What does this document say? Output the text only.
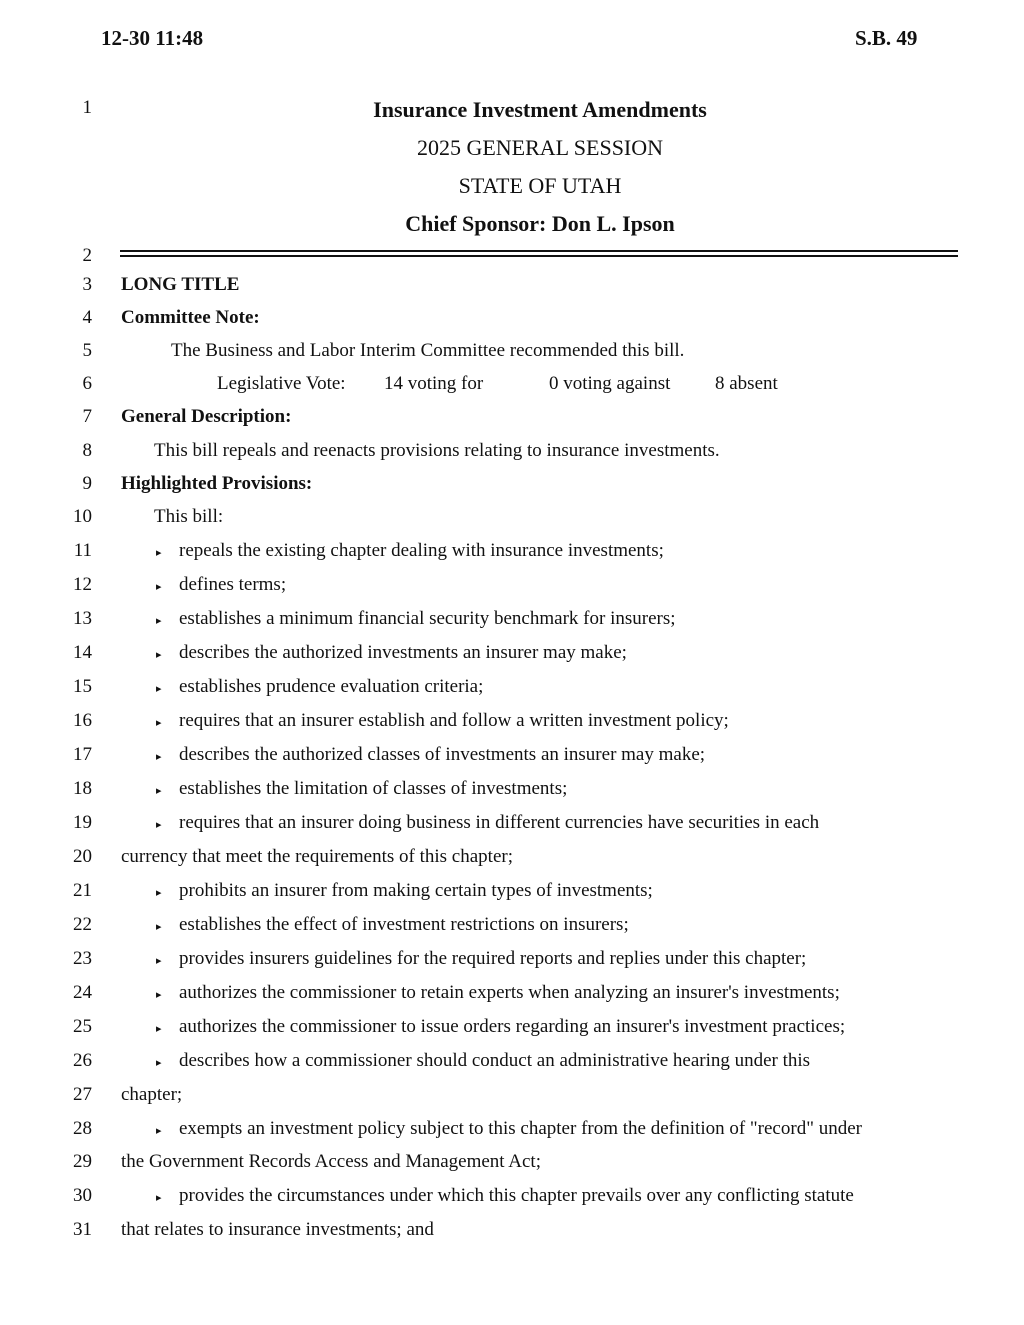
12-30 11:48	S.B. 49
Insurance Investment Amendments
2025 GENERAL SESSION
STATE OF UTAH
Chief Sponsor: Don L. Ipson
1
2
3
4
5
6
7
8
9
10
11
12
13
14
15
16
17
18
19
20
21
22
23
24
25
26
27
28
29
30
31
LONG TITLE
Committee Note:
The Business and Labor Interim Committee recommended this bill.
Legislative Vote: 14 voting for	0 voting against 8 absent
General Description:
This bill repeals and reenacts provisions relating to insurance investments.
Highlighted Provisions:
This bill:
▸ repeals the existing chapter dealing with insurance investments;
▸ defines terms;
▸ establishes a minimum financial security benchmark for insurers;
▸ describes the authorized investments an insurer may make;
▸ establishes prudence evaluation criteria;
▸ requires that an insurer establish and follow a written investment policy;
▸ describes the authorized classes of investments an insurer may make;
▸ establishes the limitation of classes of investments;
▸ requires that an insurer doing business in different currencies have securities in each
currency that meet the requirements of this chapter;
▸ prohibits an insurer from making certain types of investments;
▸ establishes the effect of investment restrictions on insurers;
▸ provides insurers guidelines for the required reports and replies under this chapter;
▸ authorizes the commissioner to retain experts when analyzing an insurer's investments;
▸ authorizes the commissioner to issue orders regarding an insurer's investment practices;
▸ describes how a commissioner should conduct an administrative hearing under this
chapter;
▸ exempts an investment policy subject to this chapter from the definition of "record" under
the Government Records Access and Management Act;
▸ provides the circumstances under which this chapter prevails over any conflicting statute
that relates to insurance investments; and
